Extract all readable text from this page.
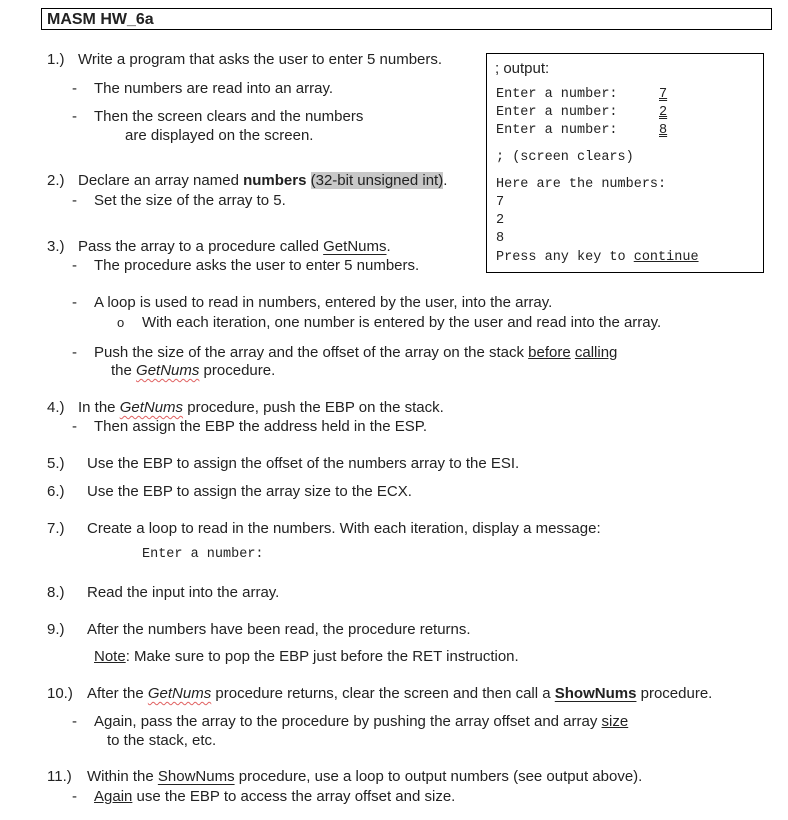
MASM HW_6a
; output:
Enter a number:	7
Enter a number:	2
Enter a number:	8
; (screen clears)
Here are the numbers:
7
2
8
Press any key to continue
1.) Write a program that asks the user to enter 5 numbers.
- The numbers are read into an array.
- Then the screen clears and the numbers
are displayed on the screen.
2.) Declare an array named numbers (32-bit unsigned int).
- Set the size of the array to 5.
3.) Pass the array to a procedure called GetNums.
- The procedure asks the user to enter 5 numbers.
- A loop is used to read in numbers, entered by the user, into the array.
o With each iteration, one number is entered by the user and read into the array.
- Push the size of the array and the offset of the array on the stack before calling
the GetNums procedure.
4.) In the GetNums procedure, push the EBP on the stack.
- Then assign the EBP the address held in the ESP.
5.) Use the EBP to assign the offset of the numbers array to the ESI.
6.) Use the EBP to assign the array size to the ECX.
7.) Create a loop to read in the numbers. With each iteration, display a message:
Enter a number:
8.) Read the input into the array.
9.) After the numbers have been read, the procedure returns.
Note: Make sure to pop the EBP just before the RET instruction.
10.) After the GetNums procedure returns, clear the screen and then call a ShowNums procedure.
- Again, pass the array to the procedure by pushing the array offset and array size
to the stack, etc.
11.) Within the ShowNums procedure, use a loop to output numbers (see output above).
- Again use the EBP to access the array offset and size.
